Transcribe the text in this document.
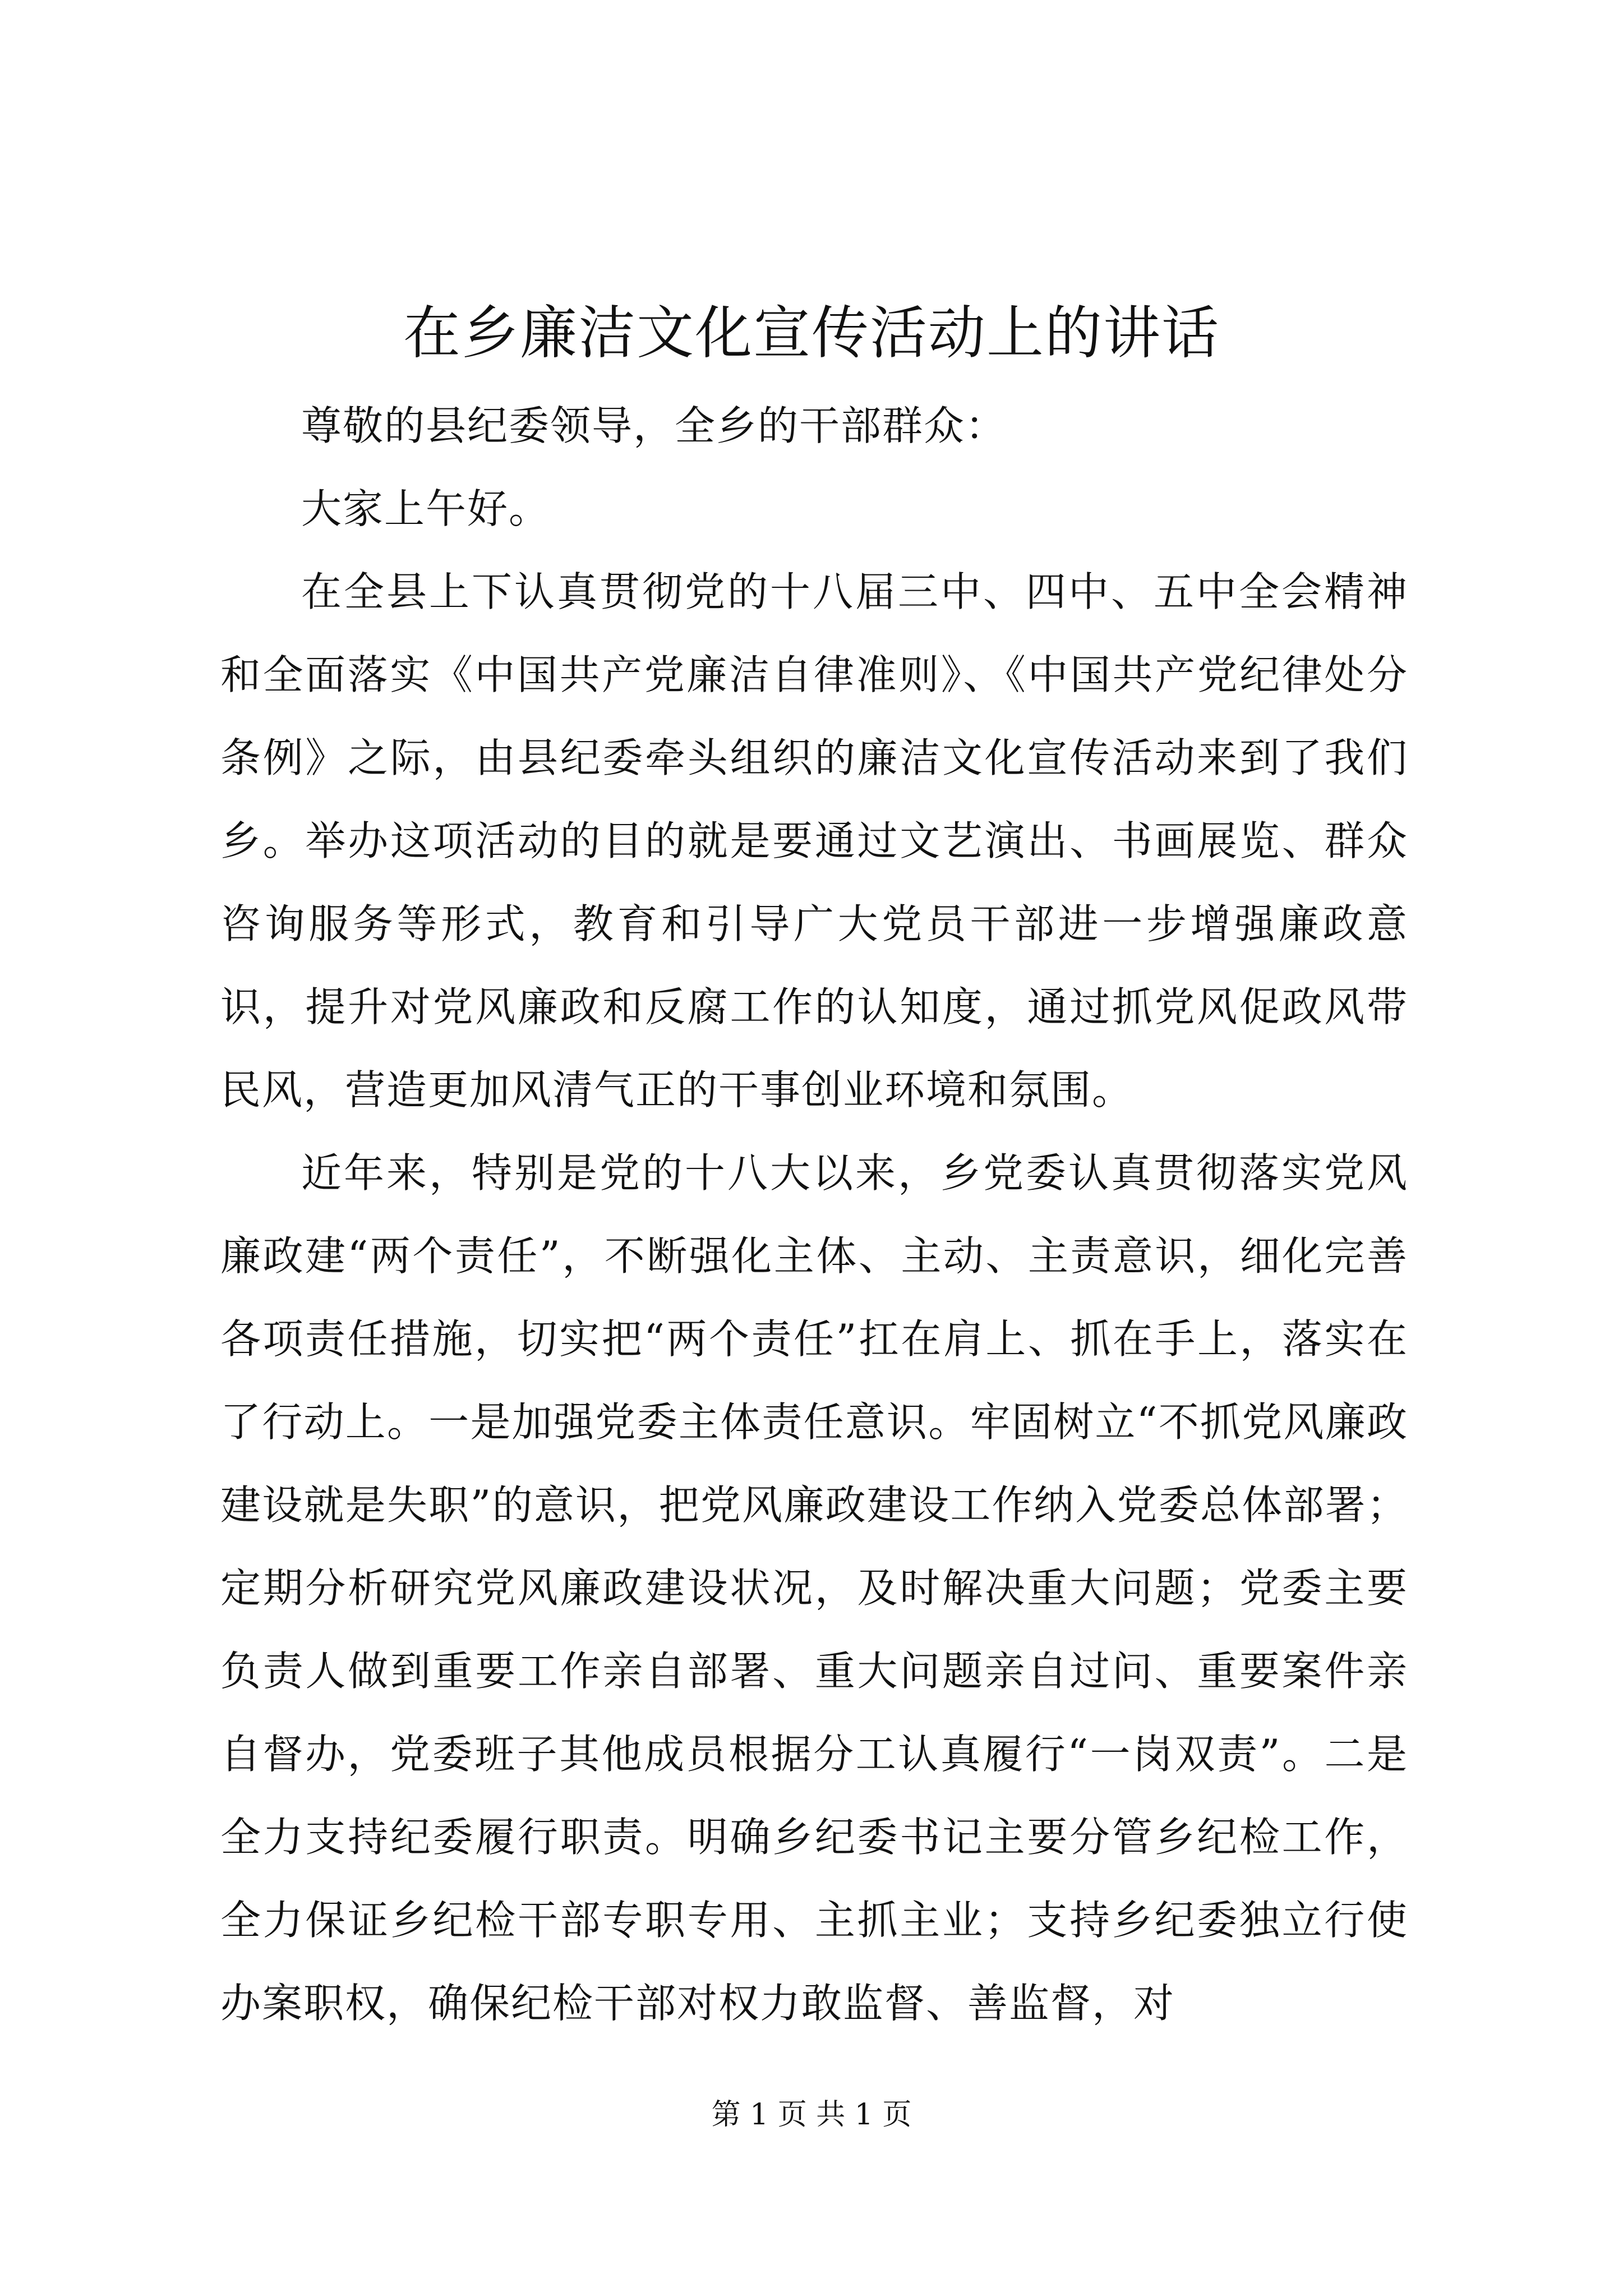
在乡廉洁文化宣传活动上的讲话

尊敬的县纪委领导，全乡的干部群众：

大家上午好。

在全县上下认真贯彻党的十八届三中、四中、五中全会精神和全面落实《中国共产党廉洁自律准则》、《中国共产党纪律处分条例》之际，由县纪委牵头组织的廉洁文化宣传活动来到了我们乡。举办这项活动的目的就是要通过文艺演出、书画展览、群众咨询服务等形式，教育和引导广大党员干部进一步增强廉政意识，提升对党风廉政和反腐工作的认知度，通过抓党风促政风带民风，营造更加风清气正的干事创业环境和氛围。

近年来，特别是党的十八大以来，乡党委认真贯彻落实党风廉政建“两个责任”，不断强化主体、主动、主责意识，细化完善各项责任措施，切实把“两个责任”扛在肩上、抓在手上，落实在了行动上。一是加强党委主体责任意识。牢固树立“不抓党风廉政建设就是失职”的意识，把党风廉政建设工作纳入党委总体部署；定期分析研究党风廉政建设状况，及时解决重大问题；党委主要负责人做到重要工作亲自部署、重大问题亲自过问、重要案件亲自督办，党委班子其他成员根据分工认真履行“一岗双责”。二是全力支持纪委履行职责。明确乡纪委书记主要分管乡纪检工作，全力保证乡纪检干部专职专用、主抓主业；支持乡纪委独立行使办案职权，确保纪检干部对权力敢监督、善监督，对

第 1 页 共 1 页
